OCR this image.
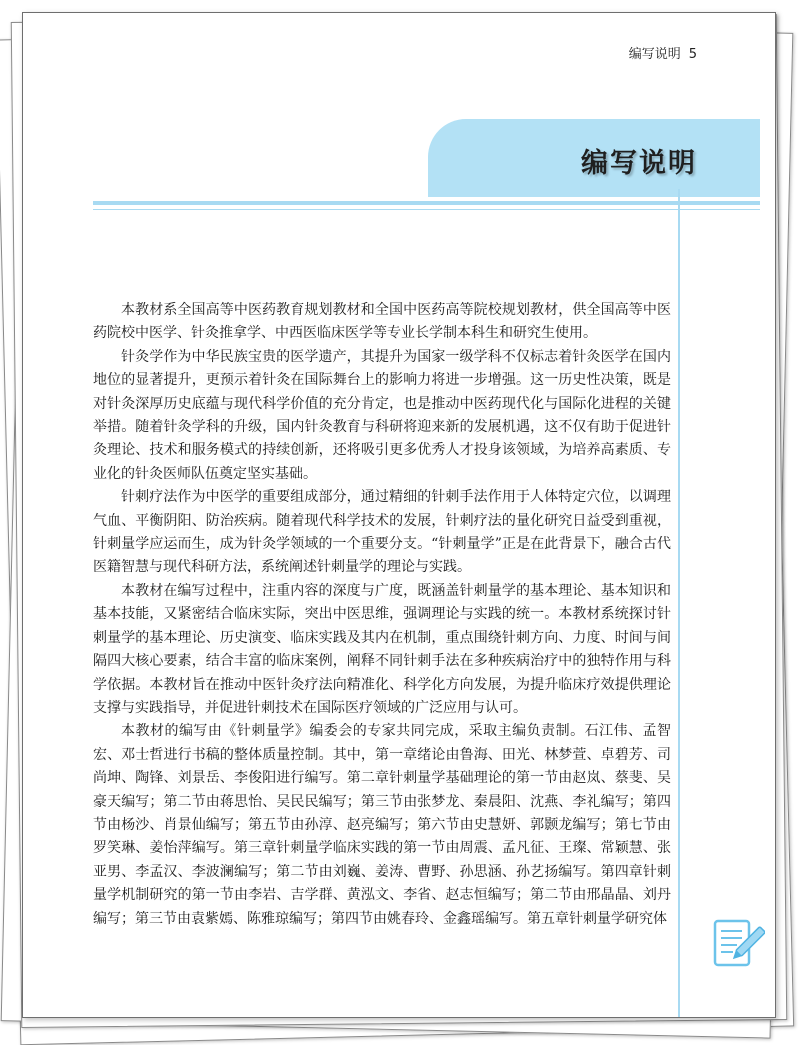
编写说明 5
编写说明

本教材系全国高等中医药教育规划教材和全国中医药高等院校规划教材，供全国高等中医药院校中医学、针灸推拿学、中西医临床医学等专业长学制本科生和研究生使用。

针灸学作为中华民族宝贵的医学遗产，其提升为国家一级学科不仅标志着针灸医学在国内地位的显著提升，更预示着针灸在国际舞台上的影响力将进一步增强。这一历史性决策，既是对针灸深厚历史底蕴与现代科学价值的充分肯定，也是推动中医药现代化与国际化进程的关键举措。随着针灸学科的升级，国内针灸教育与科研将迎来新的发展机遇，这不仅有助于促进针灸理论、技术和服务模式的持续创新，还将吸引更多优秀人才投身该领域，为培养高素质、专业化的针灸医师队伍奠定坚实基础。

针刺疗法作为中医学的重要组成部分，通过精细的针刺手法作用于人体特定穴位，以调理气血、平衡阴阳、防治疾病。随着现代科学技术的发展，针刺疗法的量化研究日益受到重视，针刺量学应运而生，成为针灸学领域的一个重要分支。“针刺量学”正是在此背景下，融合古代医籍智慧与现代科研方法，系统阐述针刺量学的理论与实践。

本教材在编写过程中，注重内容的深度与广度，既涵盖针刺量学的基本理论、基本知识和基本技能，又紧密结合临床实际，突出中医思维，强调理论与实践的统一。本教材系统探讨针刺量学的基本理论、历史演变、临床实践及其内在机制，重点围绕针刺方向、力度、时间与间隔四大核心要素，结合丰富的临床案例，阐释不同针刺手法在多种疾病治疗中的独特作用与科学依据。本教材旨在推动中医针灸疗法向精准化、科学化方向发展，为提升临床疗效提供理论支撑与实践指导，并促进针刺技术在国际医疗领域的广泛应用与认可。

本教材的编写由《针刺量学》编委会的专家共同完成，采取主编负责制。石江伟、孟智宏、邓士哲进行书稿的整体质量控制。其中，第一章绪论由鲁海、田光、林梦萱、卓碧芳、司尚坤、陶锋、刘景岳、李俊阳进行编写。第二章针刺量学基础理论的第一节由赵岚、蔡斐、吴豪天编写；第二节由蒋思怡、吴民民编写；第三节由张梦龙、秦晨阳、沈燕、李礼编写；第四节由杨沙、肖景仙编写；第五节由孙淳、赵亮编写；第六节由史慧妍、郭颢龙编写；第七节由罗笑琳、姜怡萍编写。第三章针刺量学临床实践的第一节由周震、孟凡征、王璨、常颖慧、张亚男、李孟汉、李波澜编写；第二节由刘巍、姜涛、曹野、孙思涵、孙艺扬编写。第四章针刺量学机制研究的第一节由李岩、吉学群、黄泓文、李省、赵志恒编写；第二节由邢晶晶、刘丹编写；第三节由袁紫嫣、陈雅琼编写；第四节由姚春玲、金鑫瑶编写。第五章针刺量学研究体
